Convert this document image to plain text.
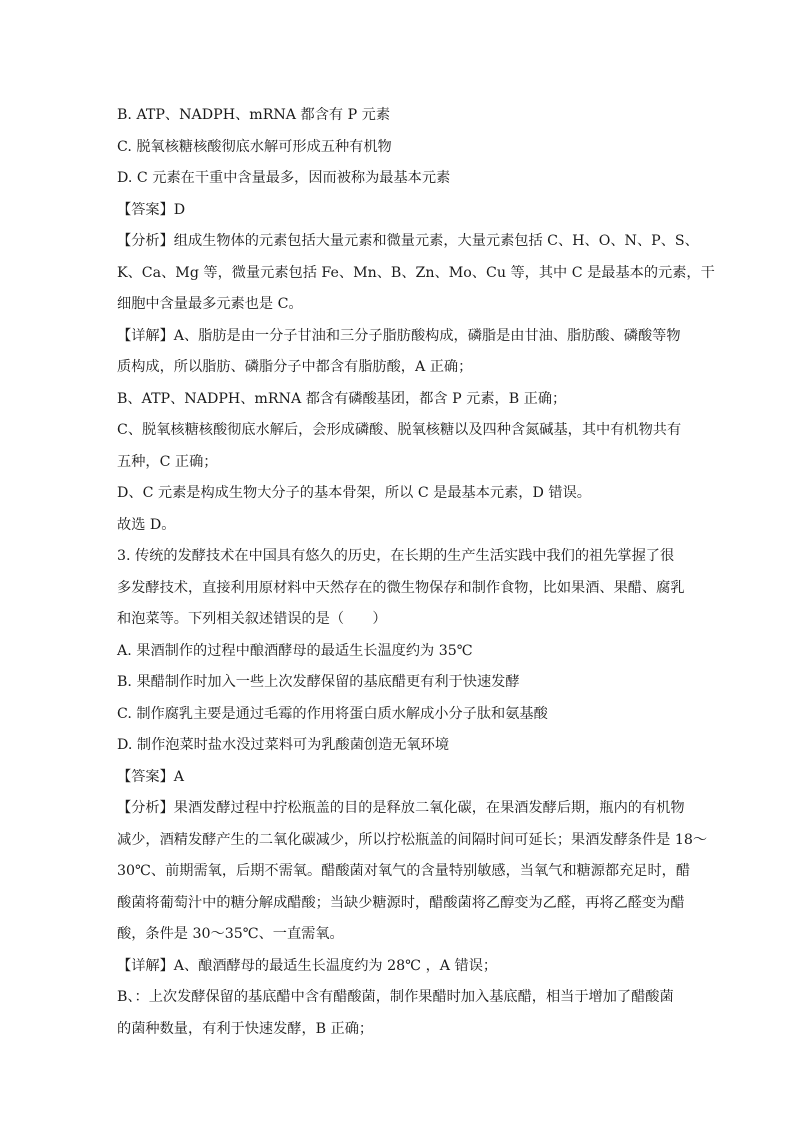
B. ATP、NADPH、mRNA 都含有 P 元素
C. 脱氧核糖核酸彻底水解可形成五种有机物
D. C 元素在干重中含量最多，因而被称为最基本元素
【答案】D
【分析】组成生物体的元素包括大量元素和微量元素，大量元素包括 C、H、O、N、P、S、
K、Ca、Mg 等，微量元素包括 Fe、Mn、B、Zn、Mo、Cu 等，其中 C 是最基本的元素，干
细胞中含量最多元素也是 C。
【详解】A、脂肪是由一分子甘油和三分子脂肪酸构成，磷脂是由甘油、脂肪酸、磷酸等物
质构成，所以脂肪、磷脂分子中都含有脂肪酸，A 正确；
B、ATP、NADPH、mRNA 都含有磷酸基团，都含 P 元素，B 正确；
C、脱氧核糖核酸彻底水解后，会形成磷酸、脱氧核糖以及四种含氮碱基，其中有机物共有
五种，C 正确；
D、C 元素是构成生物大分子的基本骨架，所以 C 是最基本元素，D 错误。
故选 D。
3. 传统的发酵技术在中国具有悠久的历史，在长期的生产生活实践中我们的祖先掌握了很
多发酵技术，直接利用原材料中天然存在的微生物保存和制作食物，比如果酒、果醋、腐乳
和泡菜等。下列相关叙述错误的是（　　）
A. 果酒制作的过程中酿酒酵母的最适生长温度约为 35℃
B. 果醋制作时加入一些上次发酵保留的基底醋更有利于快速发酵
C. 制作腐乳主要是通过毛霉的作用将蛋白质水解成小分子肽和氨基酸
D. 制作泡菜时盐水没过菜料可为乳酸菌创造无氧环境
【答案】A
【分析】果酒发酵过程中拧松瓶盖的目的是释放二氧化碳，在果酒发酵后期，瓶内的有机物
减少，酒精发酵产生的二氧化碳减少，所以拧松瓶盖的间隔时间可延长；果酒发酵条件是 18～
30℃、前期需氧，后期不需氧。醋酸菌对氧气的含量特别敏感，当氧气和糖源都充足时，醋
酸菌将葡萄汁中的糖分解成醋酸；当缺少糖源时，醋酸菌将乙醇变为乙醛，再将乙醛变为醋
酸，条件是 30～35℃、一直需氧。
【详解】A、酿酒酵母的最适生长温度约为 28℃ ，A 错误；
B、：上次发酵保留的基底醋中含有醋酸菌，制作果醋时加入基底醋，相当于增加了醋酸菌
的菌种数量，有利于快速发酵，B 正确；
